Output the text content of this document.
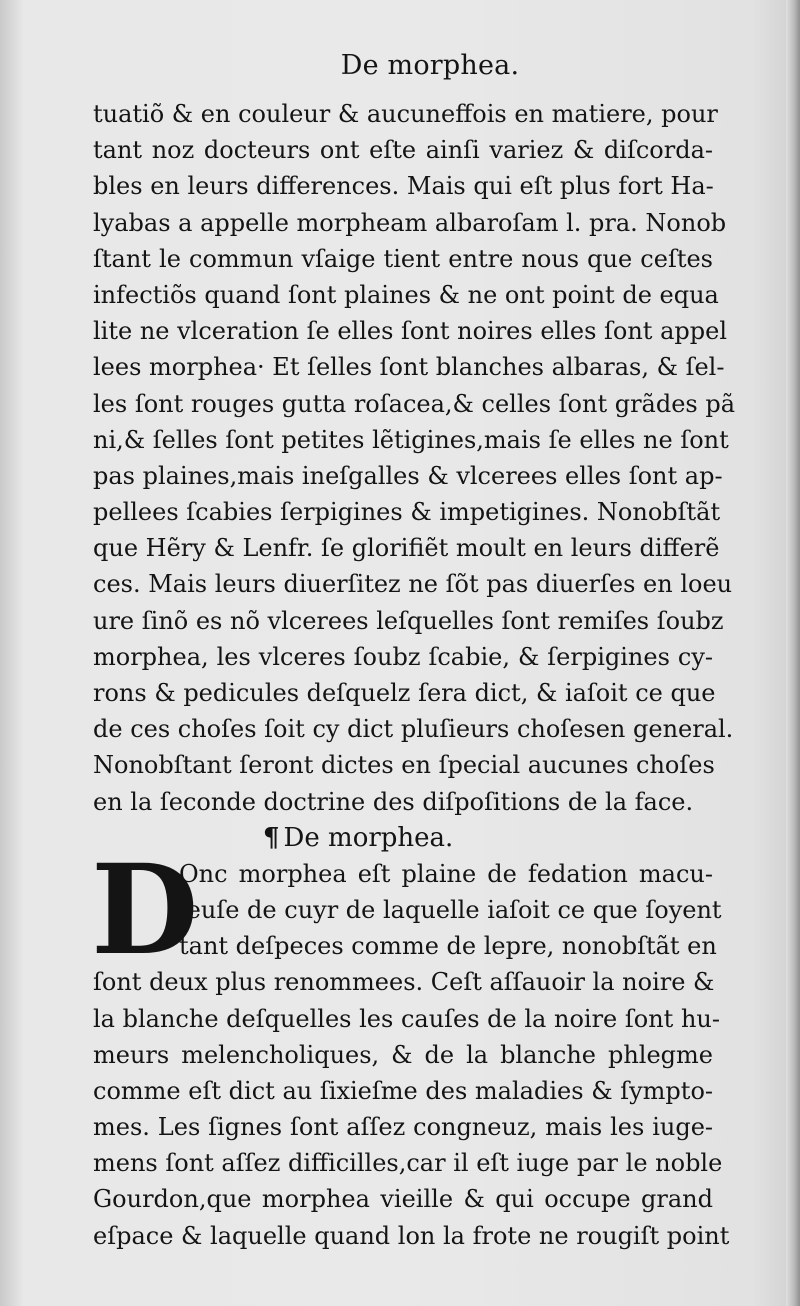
De morphea.
tuatiõ & en couleur & aucuneffois en matiere, pour
tant noz docteurs ont eſte ainſi variez & diſcorda-
bles en leurs differences. Mais qui eſt plus fort Ha-
lyabas a appelle morpheam albaroſam l. pra. Nonob
ſtant le commun vſaige tient entre nous que ceſtes
infectiõs quand ſont plaines & ne ont point de equa
lite ne vlceration ſe elles ſont noires elles ſont appel
lees morphea· Et ſelles ſont blanches albaras, & ſel-
les ſont rouges gutta roſacea,& celles ſont grãdes pã
ni,& ſelles ſont petites lẽtigines,mais ſe elles ne ſont
pas plaines,mais ineſgalles & vlcerees elles ſont ap-
pellees ſcabies ſerpigines & impetigines. Nonobſtãt
que Hẽry & Lenfr. ſe glorifiẽt moult en leurs differẽ
ces. Mais leurs diuerſitez ne ſõt pas diuerſes en loeu
ure ſinõ es nõ vlcerees leſquelles ſont remiſes ſoubz
morphea, les vlceres ſoubz ſcabie, & ſerpigines cy-
rons & pedicules deſquelz ſera dict, & iaſoit ce que
de ces choſes ſoit cy dict pluſieurs choſesen general.
Nonobſtant ſeront dictes en ſpecial aucunes choſes
en la ſeconde doctrine des diſpoſitions de la face.
¶ De morphea.
D
Onc morphea eſt plaine de fedation macu-
leuſe de cuyr de laquelle iaſoit ce que ſoyent
tant deſpeces comme de lepre, nonobſtãt en
ſont deux plus renommees. Ceſt aſſauoir la noire &
la blanche deſquelles les cauſes de la noire ſont hu-
meurs melencholiques, & de la blanche phlegme
comme eſt dict au ſixieſme des maladies & ſympto-
mes. Les ſignes ſont aſſez congneuz, mais les iuge-
mens ſont aſſez difficilles,car il eſt iuge par le noble
Gourdon,que morphea vieille & qui occupe grand
eſpace & laquelle quand lon la frote ne rougiſt point
